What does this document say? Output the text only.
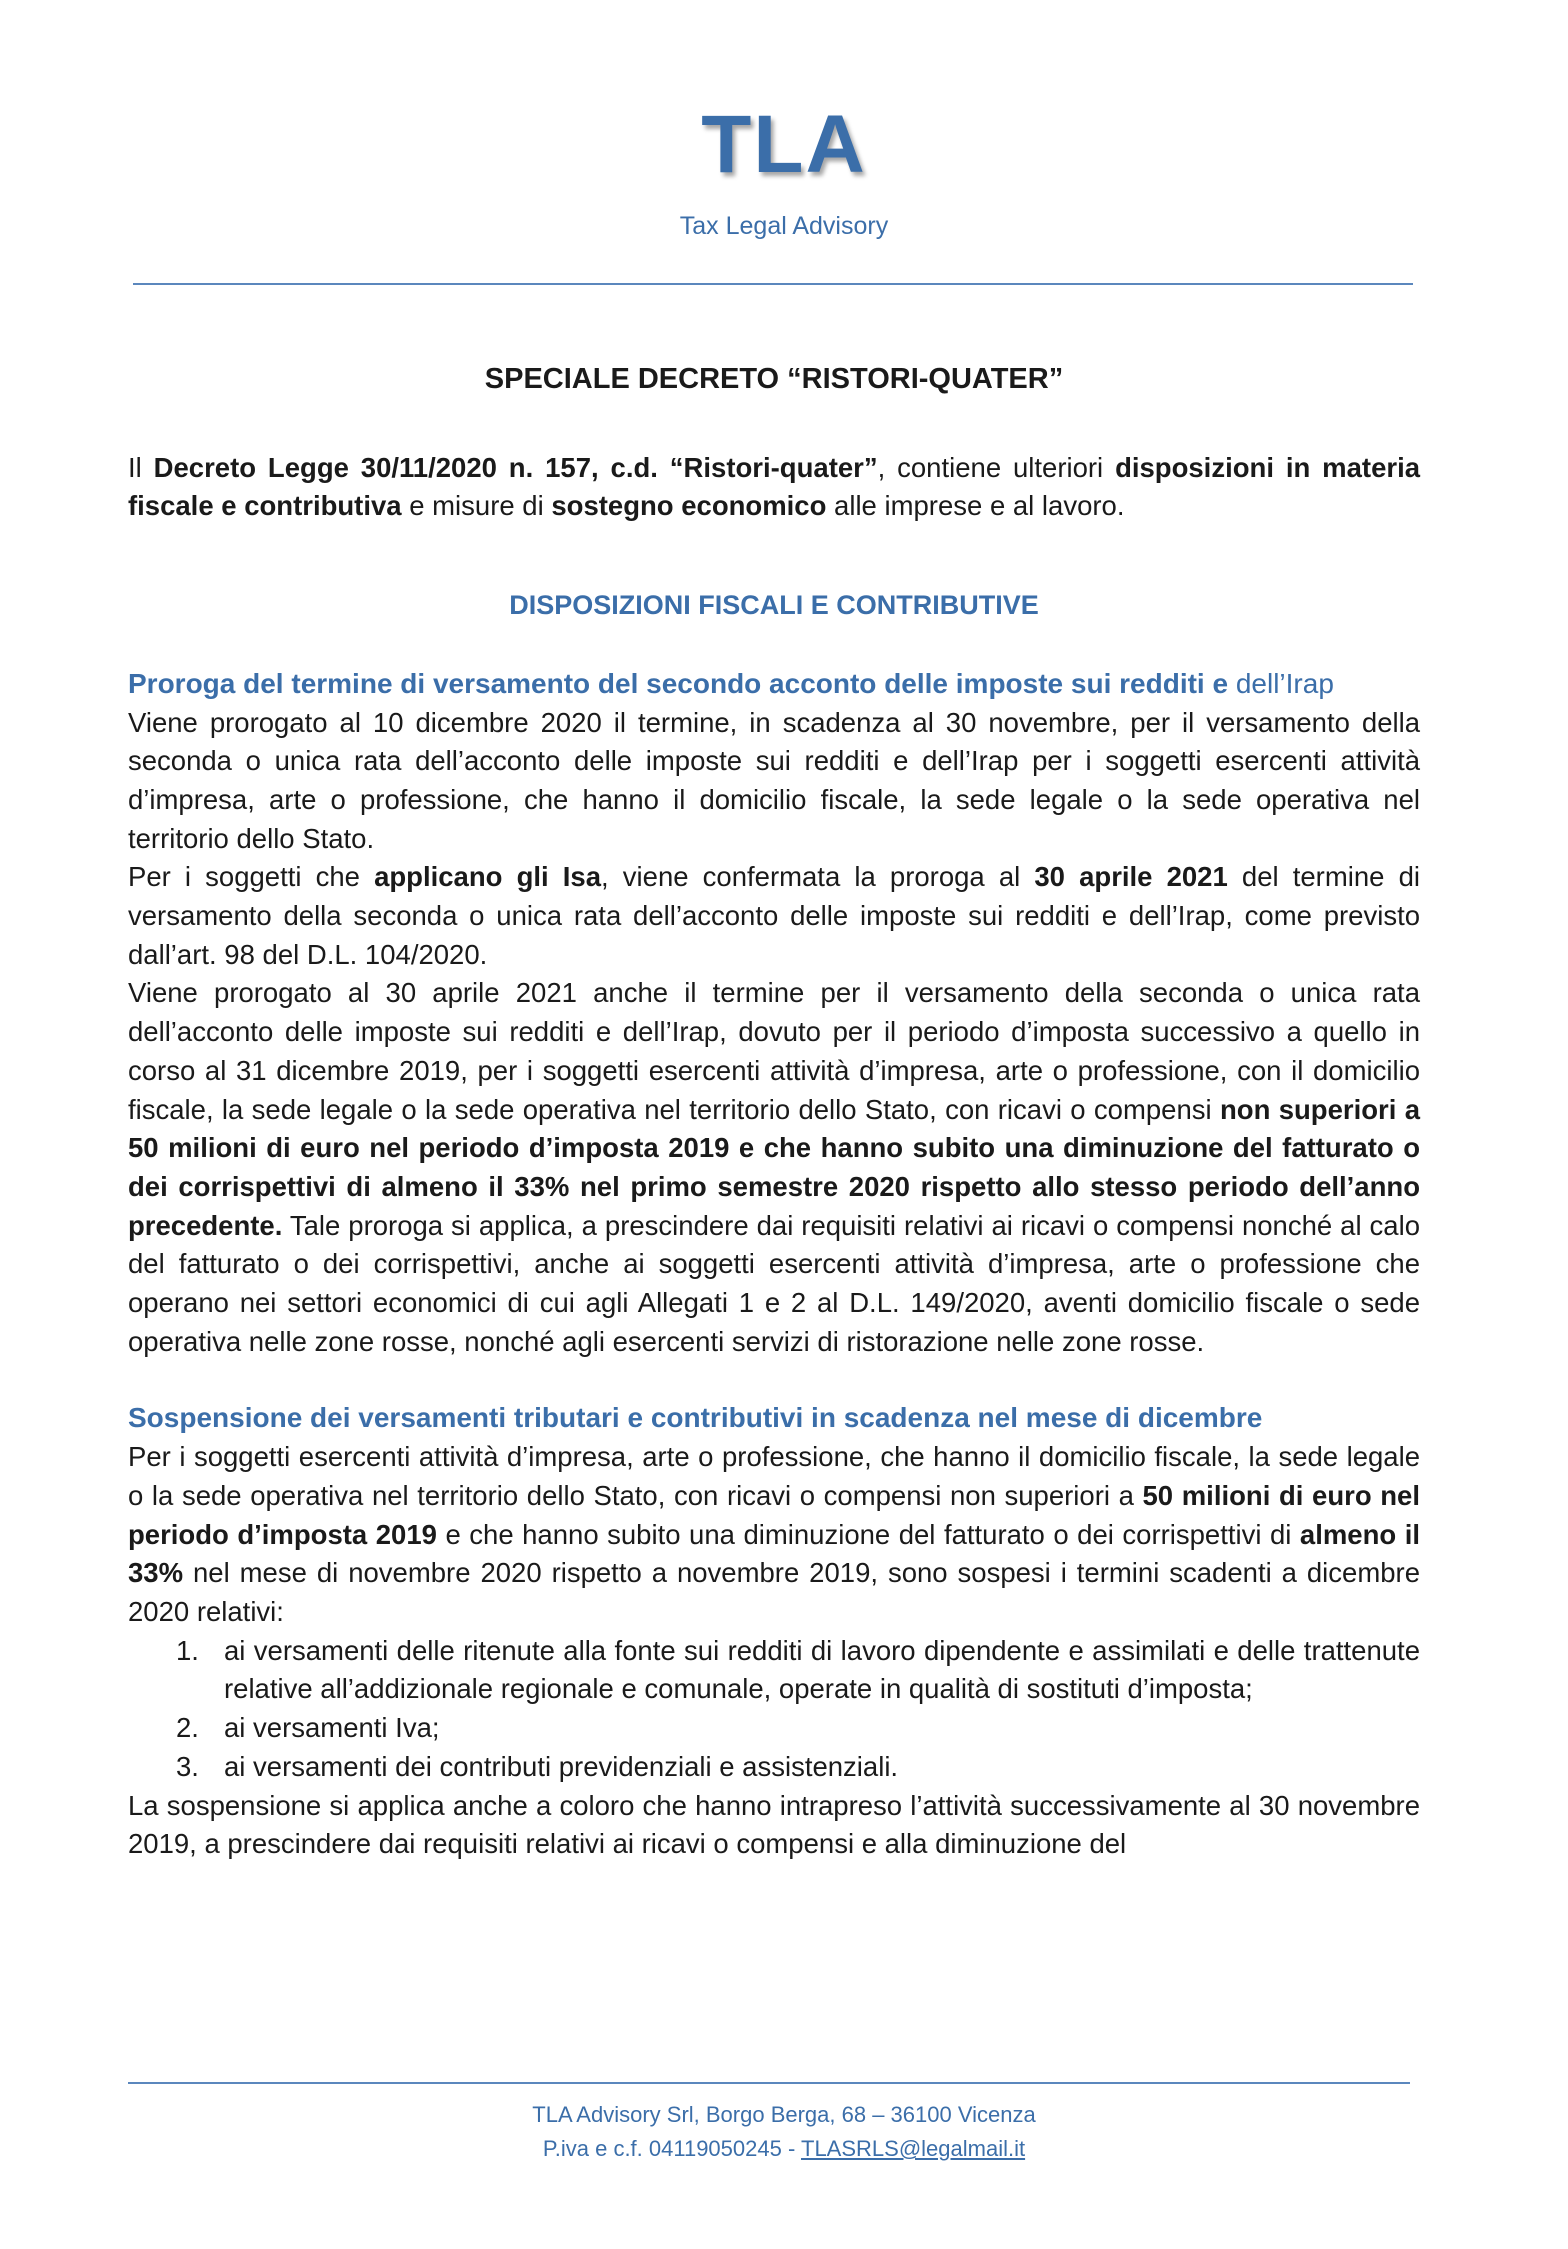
TLA
Tax Legal Advisory
SPECIALE DECRETO “RISTORI-QUATER”

Il Decreto Legge 30/11/2020 n. 157, c.d. “Ristori-quater”, contiene ulteriori disposizioni in materia fiscale e contributiva e misure di sostegno economico alle imprese e al lavoro.

DISPOSIZIONI FISCALI E CONTRIBUTIVE
Proroga del termine di versamento del secondo acconto delle imposte sui redditi e dell’Irap

Viene prorogato al 10 dicembre 2020 il termine, in scadenza al 30 novembre, per il versamento della seconda o unica rata dell’acconto delle imposte sui redditi e dell’Irap per i soggetti esercenti attività d’impresa, arte o professione, che hanno il domicilio fiscale, la sede legale o la sede operativa nel territorio dello Stato.

Per i soggetti che applicano gli Isa, viene confermata la proroga al 30 aprile 2021 del termine di versamento della seconda o unica rata dell’acconto delle imposte sui redditi e dell’Irap, come previsto dall’art. 98 del D.L. 104/2020.

Viene prorogato al 30 aprile 2021 anche il termine per il versamento della seconda o unica rata dell’acconto delle imposte sui redditi e dell’Irap, dovuto per il periodo d’imposta successivo a quello in corso al 31 dicembre 2019, per i soggetti esercenti attività d’impresa, arte o professione, con il domicilio fiscale, la sede legale o la sede operativa nel territorio dello Stato, con ricavi o compensi non superiori a 50 milioni di euro nel periodo d’imposta 2019 e che hanno subito una diminuzione del fatturato o dei corrispettivi di almeno il 33% nel primo semestre 2020 rispetto allo stesso periodo dell’anno precedente. Tale proroga si applica, a prescindere dai requisiti relativi ai ricavi o compensi nonché al calo del fatturato o dei corrispettivi, anche ai soggetti esercenti attività d’impresa, arte o professione che operano nei settori economici di cui agli Allegati 1 e 2 al D.L. 149/2020, aventi domicilio fiscale o sede operativa nelle zone rosse, nonché agli esercenti servizi di ristorazione nelle zone rosse.

Sospensione dei versamenti tributari e contributivi in scadenza nel mese di dicembre

Per i soggetti esercenti attività d’impresa, arte o professione, che hanno il domicilio fiscale, la sede legale o la sede operativa nel territorio dello Stato, con ricavi o compensi non superiori a 50 milioni di euro nel periodo d’imposta 2019 e che hanno subito una diminuzione del fatturato o dei corrispettivi di almeno il 33% nel mese di novembre 2020 rispetto a novembre 2019, sono sospesi i termini scadenti a dicembre 2020 relativi:

1. ai versamenti delle ritenute alla fonte sui redditi di lavoro dipendente e assimilati e delle trattenute relative all’addizionale regionale e comunale, operate in qualità di sostituti d’imposta;
2. ai versamenti Iva;
3. ai versamenti dei contributi previdenziali e assistenziali.

La sospensione si applica anche a coloro che hanno intrapreso l’attività successivamente al 30 novembre 2019, a prescindere dai requisiti relativi ai ricavi o compensi e alla diminuzione del

TLA Advisory Srl, Borgo Berga, 68 – 36100 Vicenza
P.iva e c.f. 04119050245 - TLASRLS@legalmail.it
